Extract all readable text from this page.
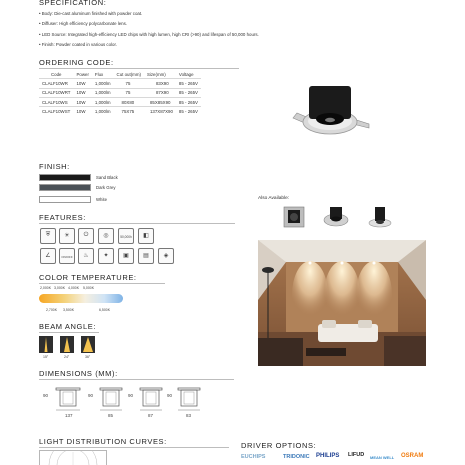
SPECIFICATION:
• Body: Die-cast aluminum finished with powder coat.
• Diffuser: High efficiency polycarbonate lens.
• LED Source: Integrated high-efficiency LED chips with high lumen, high CRI (>90) and lifespan of 50,000 hours.
• Finish: Powder coated in various color.
ORDERING CODE:
Code	Power	Flux	Cut out(mm)	Size(mm)	Voltage
CLALF10WR	10W	1,000lm	75	83X90	85 - 265V
CLALF10WRT	10W	1,000lm	75	87X90	85 - 265V
CLALF10WS	10W	1,000lm	80X80	85X85X90	85 - 265V
CLALF10WST	10W	1,000lm	75X75	137X87X90	85 - 265V
FINISH:
Sand Black
Dark Grey
White
FEATURES:
⛨	☀	⏻	◎	50,000h	◧
∠	ON/OFF	♨	✦	▣	▤	◈
COLOR TEMPERATURE:
2,000K 3,000K 4,000K 5,000K
2,700K 3,500K	6,500K
BEAM ANGLE:
15°	24°	36°
DIMENSIONS (MM):
90
137
90
85
90
87
90
83
Also Available:
LIGHT DISTRIBUTION CURVES:	DRIVER OPTIONS:
EUCHIPS	TRIDONIC PHILIPS LIFUD MEAN WELL OSRAM
